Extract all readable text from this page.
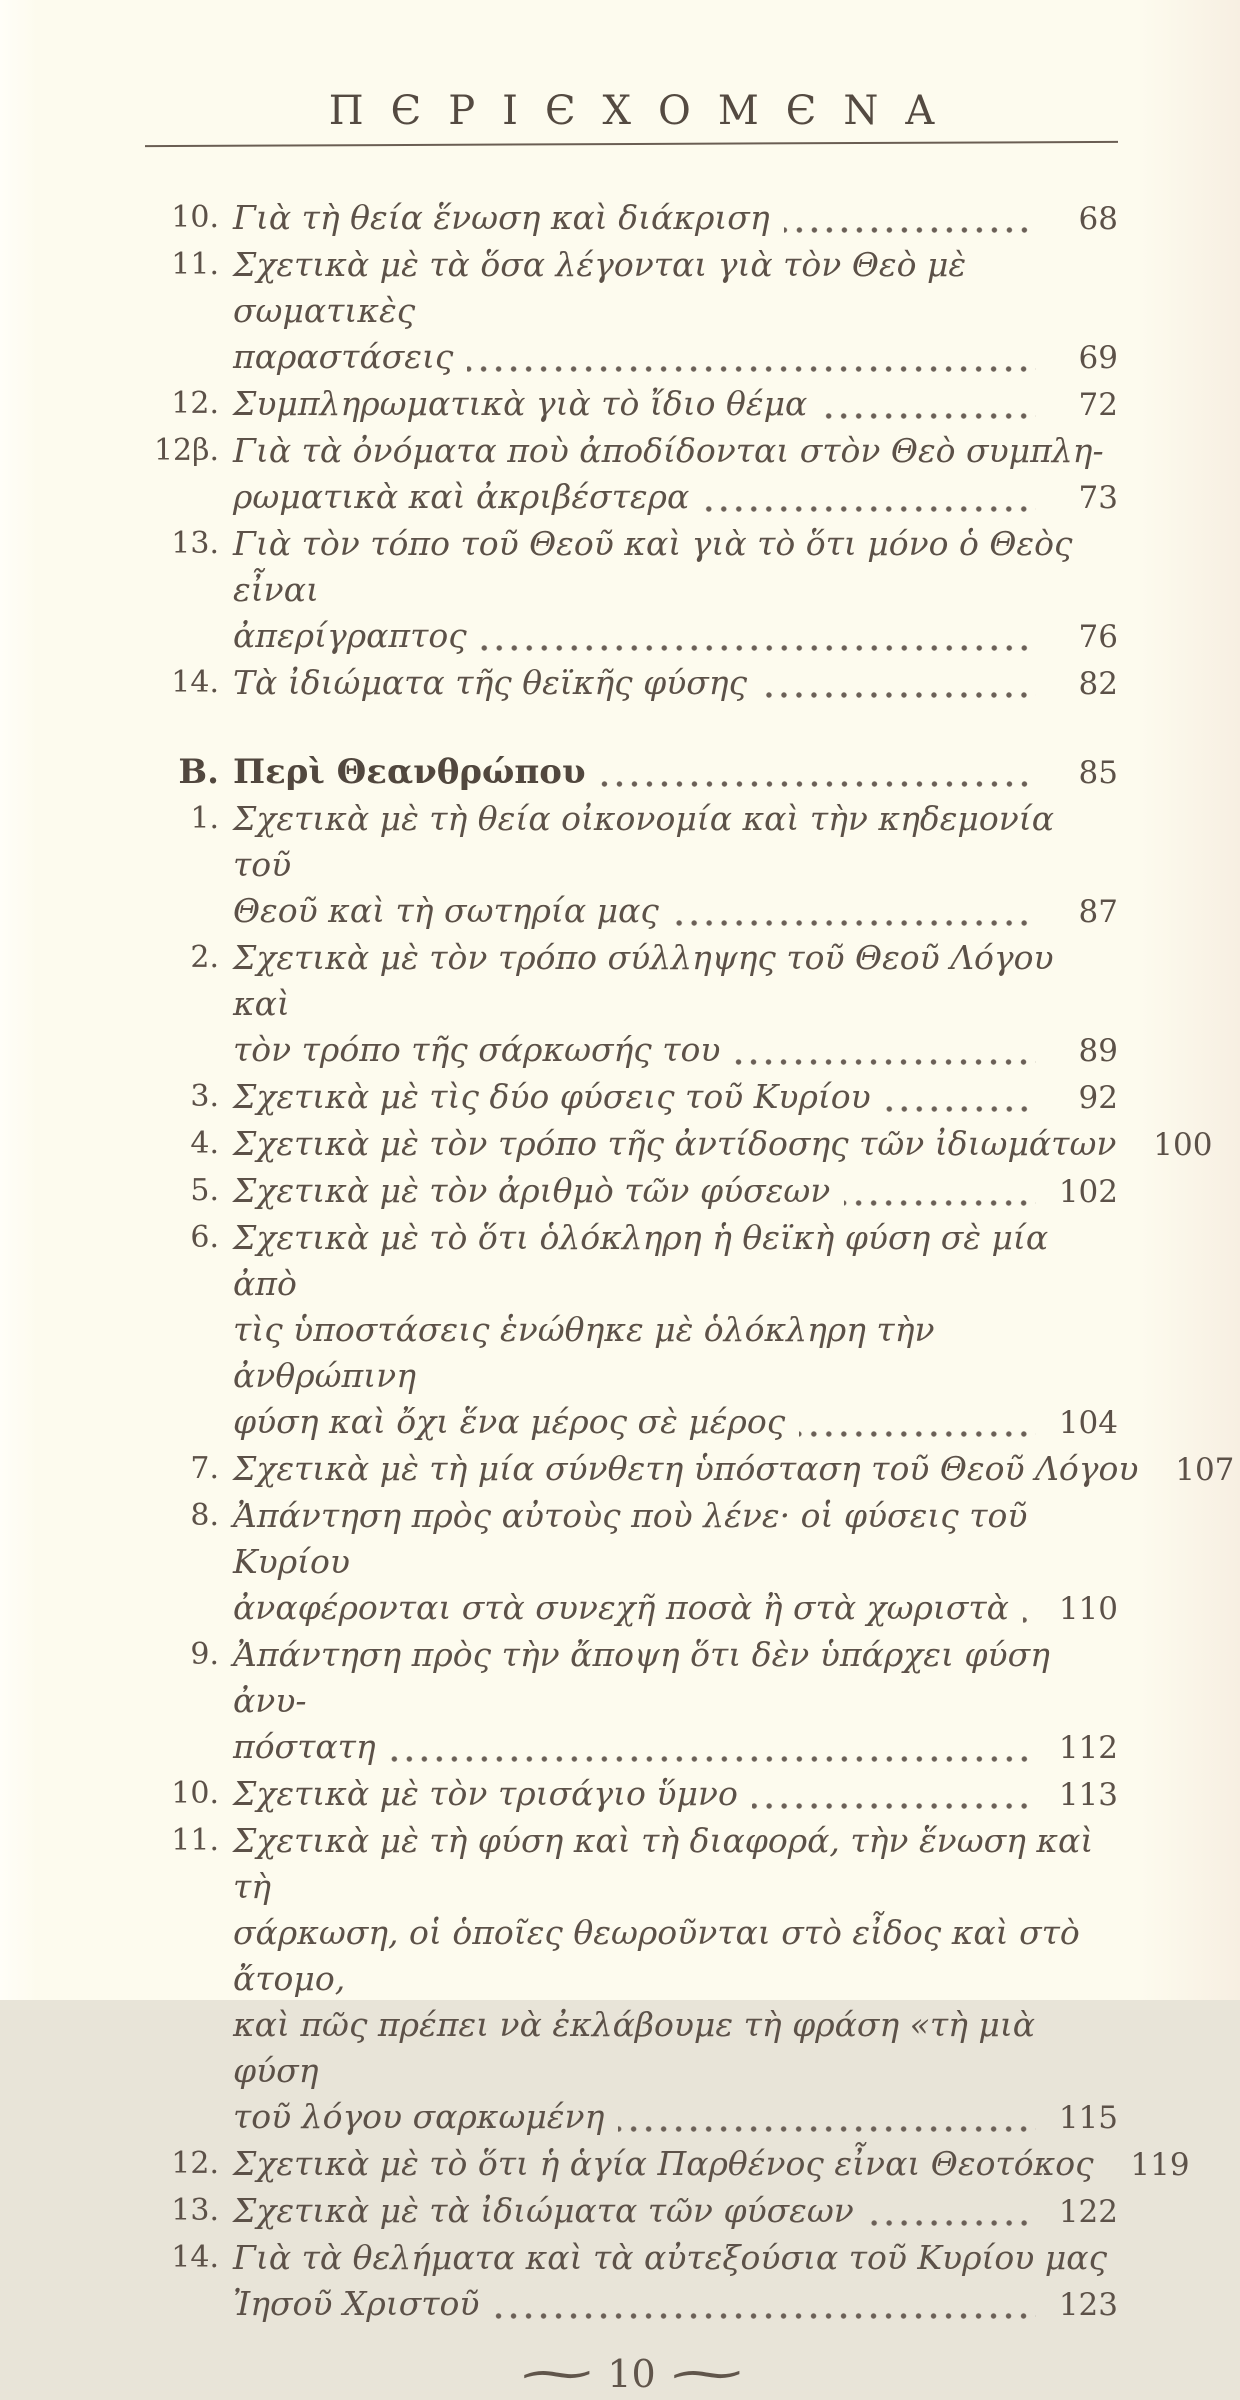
ΠЄΡΙЄΧΟΜЄΝΑ
10. Γιὰ τὴ θεία ἕνωση καὶ διάκριση	68
11. Σχετικὰ μὲ τὰ ὅσα λέγονται γιὰ τὸν Θεὸ μὲ σωματικὲς
παραστάσεις	69
12. Συμπληρωματικὰ γιὰ τὸ ἴδιο θέμα	72
12β. Γιὰ τὰ ὀνόματα ποὺ ἀποδίδονται στὸν Θεὸ συμπλη-
ρωματικὰ καὶ ἀκριβέστερα	73
13. Γιὰ τὸν τόπο τοῦ Θεοῦ καὶ γιὰ τὸ ὅτι μόνο ὁ Θεὸς εἶναι
ἀπερίγραπτος	76
14. Τὰ ἰδιώματα τῆς θεϊκῆς φύσης	82
Β. Περὶ Θεανθρώπου	85
1. Σχετικὰ μὲ τὴ θεία οἰκονομία καὶ τὴν κηδεμονία τοῦ
Θεοῦ καὶ τὴ σωτηρία μας	87
2. Σχετικὰ μὲ τὸν τρόπο σύλληψης τοῦ Θεοῦ Λόγου καὶ
τὸν τρόπο τῆς σάρκωσής του	89
3. Σχετικὰ μὲ τὶς δύο φύσεις τοῦ Κυρίου	92
4. Σχετικὰ μὲ τὸν τρόπο τῆς ἀντίδοσης τῶν ἰδιωμάτων	100
5. Σχετικὰ μὲ τὸν ἀριθμὸ τῶν φύσεων	102
6. Σχετικὰ μὲ τὸ ὅτι ὁλόκληρη ἡ θεϊκὴ φύση σὲ μία ἀπὸ
τὶς ὑποστάσεις ἑνώθηκε μὲ ὁλόκληρη τὴν ἀνθρώπινη
φύση καὶ ὄχι ἕνα μέρος σὲ μέρος	104
7. Σχετικὰ μὲ τὴ μία σύνθετη ὑπόσταση τοῦ Θεοῦ Λόγου	107
8. Ἀπάντηση πρὸς αὐτοὺς ποὺ λένε· οἱ φύσεις τοῦ Κυρίου
ἀναφέρονται στὰ συνεχῆ ποσὰ ἢ στὰ χωριστὰ	110
9. Ἀπάντηση πρὸς τὴν ἄποψη ὅτι δὲν ὑπάρχει φύση ἀνυ-
πόστατη	112
10. Σχετικὰ μὲ τὸν τρισάγιο ὕμνο	113
11. Σχετικὰ μὲ τὴ φύση καὶ τὴ διαφορά, τὴν ἕνωση καὶ τὴ
σάρκωση, οἱ ὁποῖες θεωροῦνται στὸ εἶδος καὶ στὸ ἄτομο,
καὶ πῶς πρέπει νὰ ἐκλάβουμε τὴ φράση «τὴ μιὰ φύση
τοῦ λόγου σαρκωμένη	115
12. Σχετικὰ μὲ τὸ ὅτι ἡ ἁγία Παρθένος εἶναι Θεοτόκος	119
13. Σχετικὰ μὲ τὰ ἰδιώματα τῶν φύσεων	122
14. Γιὰ τὰ θελήματα καὶ τὰ αὐτεξούσια τοῦ Κυρίου μας
Ἰησοῦ Χριστοῦ	123
∼ 10 ∼
